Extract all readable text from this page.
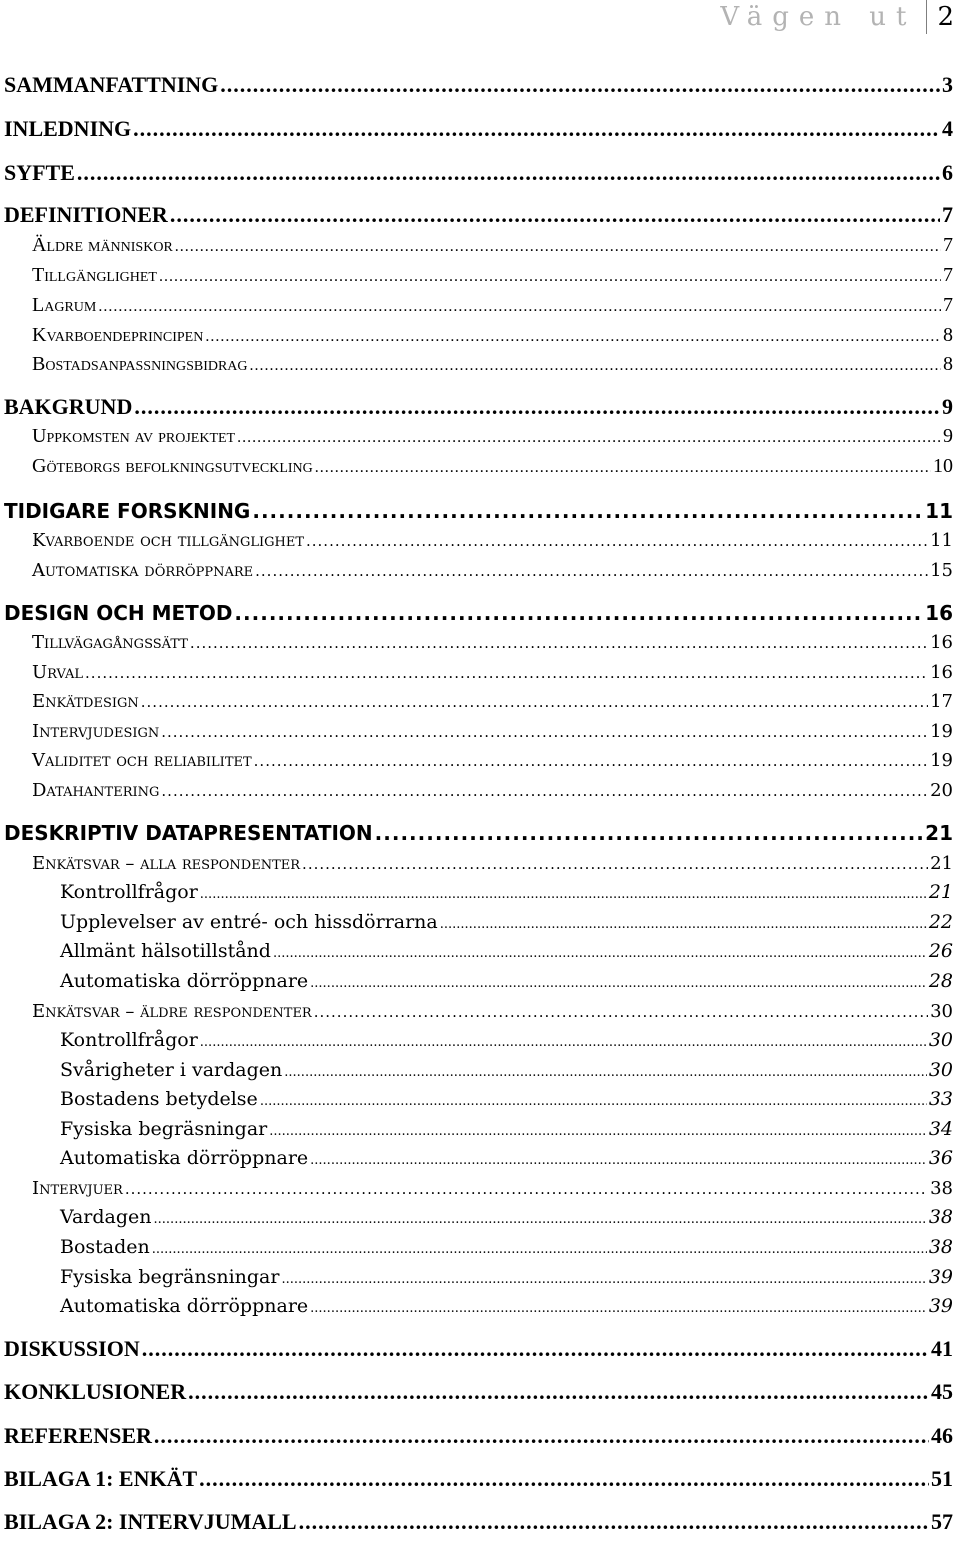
Vägen ut 2
SAMMANFATTNING .....	3
INLEDNING .....	4
SYFTE .....	6
DEFINITIONER .....	7
Äldre människor .....	7
Tillgänglighet .....	7
Lagrum .....	7
Kvarboendeprincipen .....	8
Bostadsanpassningsbidrag .....	8
BAKGRUND .....	9
Uppkomsten av projektet .....	9
Göteborgs befolkningsutveckling .....	10
TIDIGARE FORSKNING .....	11
Kvarboende och tillgänglighet .....	11
Automatiska dörröppnare .....	15
DESIGN OCH METOD .....	16
Tillvägagångssätt .....	16
Urval .....	16
Enkätdesign .....	17
Intervjudesign .....	19
Validitet och reliabilitet .....	19
Datahantering .....	20
DESKRIPTIV DATAPRESENTATION .....	21
Enkätsvar – alla respondenter .....	21
Kontrollfrågor .....	21
Upplevelser av entré- och hissdörrarna .....	22
Allmänt hälsotillstånd .....	26
Automatiska dörröppnare .....	28
Enkätsvar – äldre respondenter .....	30
Kontrollfrågor .....	30
Svårigheter i vardagen .....	30
Bostadens betydelse .....	33
Fysiska begräsningar .....	34
Automatiska dörröppnare .....	36
Intervjuer .....	38
Vardagen .....	38
Bostaden .....	38
Fysiska begränsningar .....	39
Automatiska dörröppnare .....	39
DISKUSSION .....	41
KONKLUSIONER .....	45
REFERENSER .....	46
BILAGA 1: ENKÄT .....	51
BILAGA 2: INTERVJUMALL .....	57
